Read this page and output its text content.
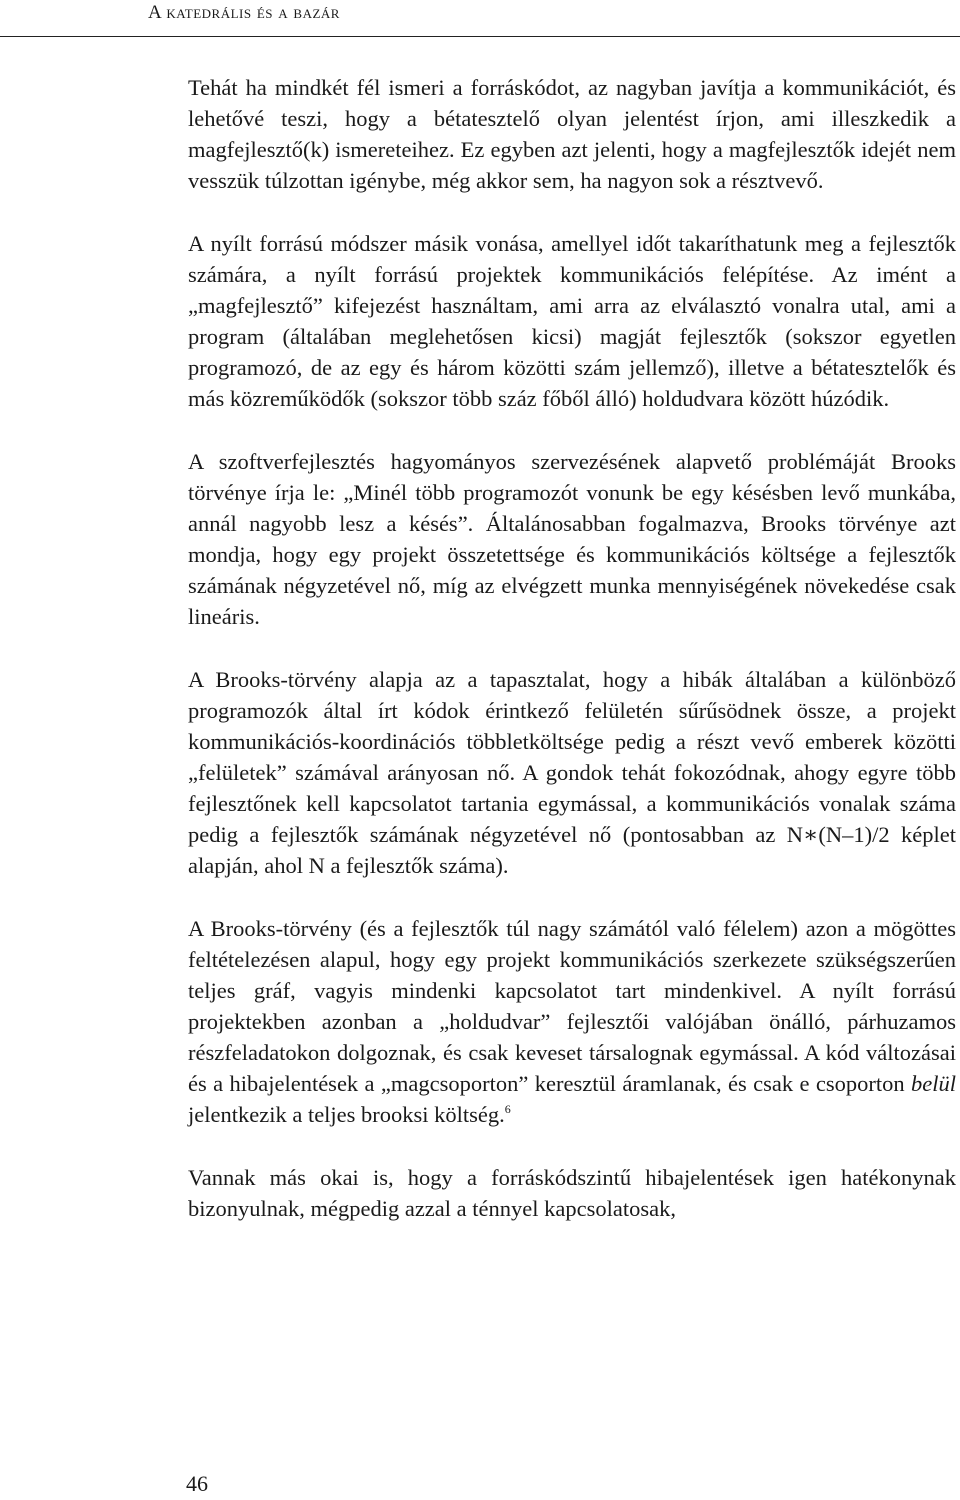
A katedrális és a bazár

Tehát ha mindkét fél ismeri a forráskódot, az nagyban javítja a kommunikációt, és lehetővé teszi, hogy a bétatesztelő olyan jelentést írjon, ami illeszkedik a magfejlesztő(k) ismereteihez. Ez egyben azt jelenti, hogy a magfejlesztők idejét nem vesszük túlzottan igénybe, még akkor sem, ha nagyon sok a résztvevő.

A nyílt forrású módszer másik vonása, amellyel időt takaríthatunk meg a fejlesztők számára, a nyílt forrású projektek kommunikációs felépítése. Az imént a „magfejlesztő” kifejezést használtam, ami arra az elválasztó vonalra utal, ami a program (általában meglehetősen kicsi) magját fejlesztők (sokszor egyetlen programozó, de az egy és három közötti szám jellemző), illetve a bétatesztelők és más közreműködők (sokszor több száz főből álló) holdudvara között húzódik.

A szoftverfejlesztés hagyományos szervezésének alapvető problémáját Brooks törvénye írja le: „Minél több programozót vonunk be egy késésben levő munkába, annál nagyobb lesz a késés”. Általánosabban fogalmazva, Brooks törvénye azt mondja, hogy egy projekt összetettsége és kommunikációs költsége a fejlesztők számának négyzetével nő, míg az elvégzett munka mennyiségének növekedése csak lineáris.

A Brooks-törvény alapja az a tapasztalat, hogy a hibák általában a különböző programozók által írt kódok érintkező felületén sűrűsödnek össze, a projekt kommunikációs-koordinációs többletköltsége pedig a részt vevő emberek közötti „felületek” számával arányosan nő. A gondok tehát fokozódnak, ahogy egyre több fejlesztőnek kell kapcsolatot tartania egymással, a kommunikációs vonalak száma pedig a fejlesztők számának négyzetével nő (pontosabban az N∗(N–1)/2 képlet alapján, ahol N a fejlesztők száma).

A Brooks-törvény (és a fejlesztők túl nagy számától való félelem) azon a mögöttes feltételezésen alapul, hogy egy projekt kommunikációs szerkezete szükségszerűen teljes gráf, vagyis mindenki kapcsolatot tart mindenkivel. A nyílt forrású projektekben azonban a „holdudvar” fejlesztői valójában önálló, párhuzamos részfeladatokon dolgoznak, és csak keveset társalognak egymással. A kód változásai és a hibajelentések a „magcsoporton” keresztül áramlanak, és csak e csoporton belül jelentkezik a teljes brooksi költség.$^6$

Vannak más okai is, hogy a forráskódszintű hibajelentések igen hatékonynak bizonyulnak, mégpedig azzal a ténnyel kapcsolatosak,

46
